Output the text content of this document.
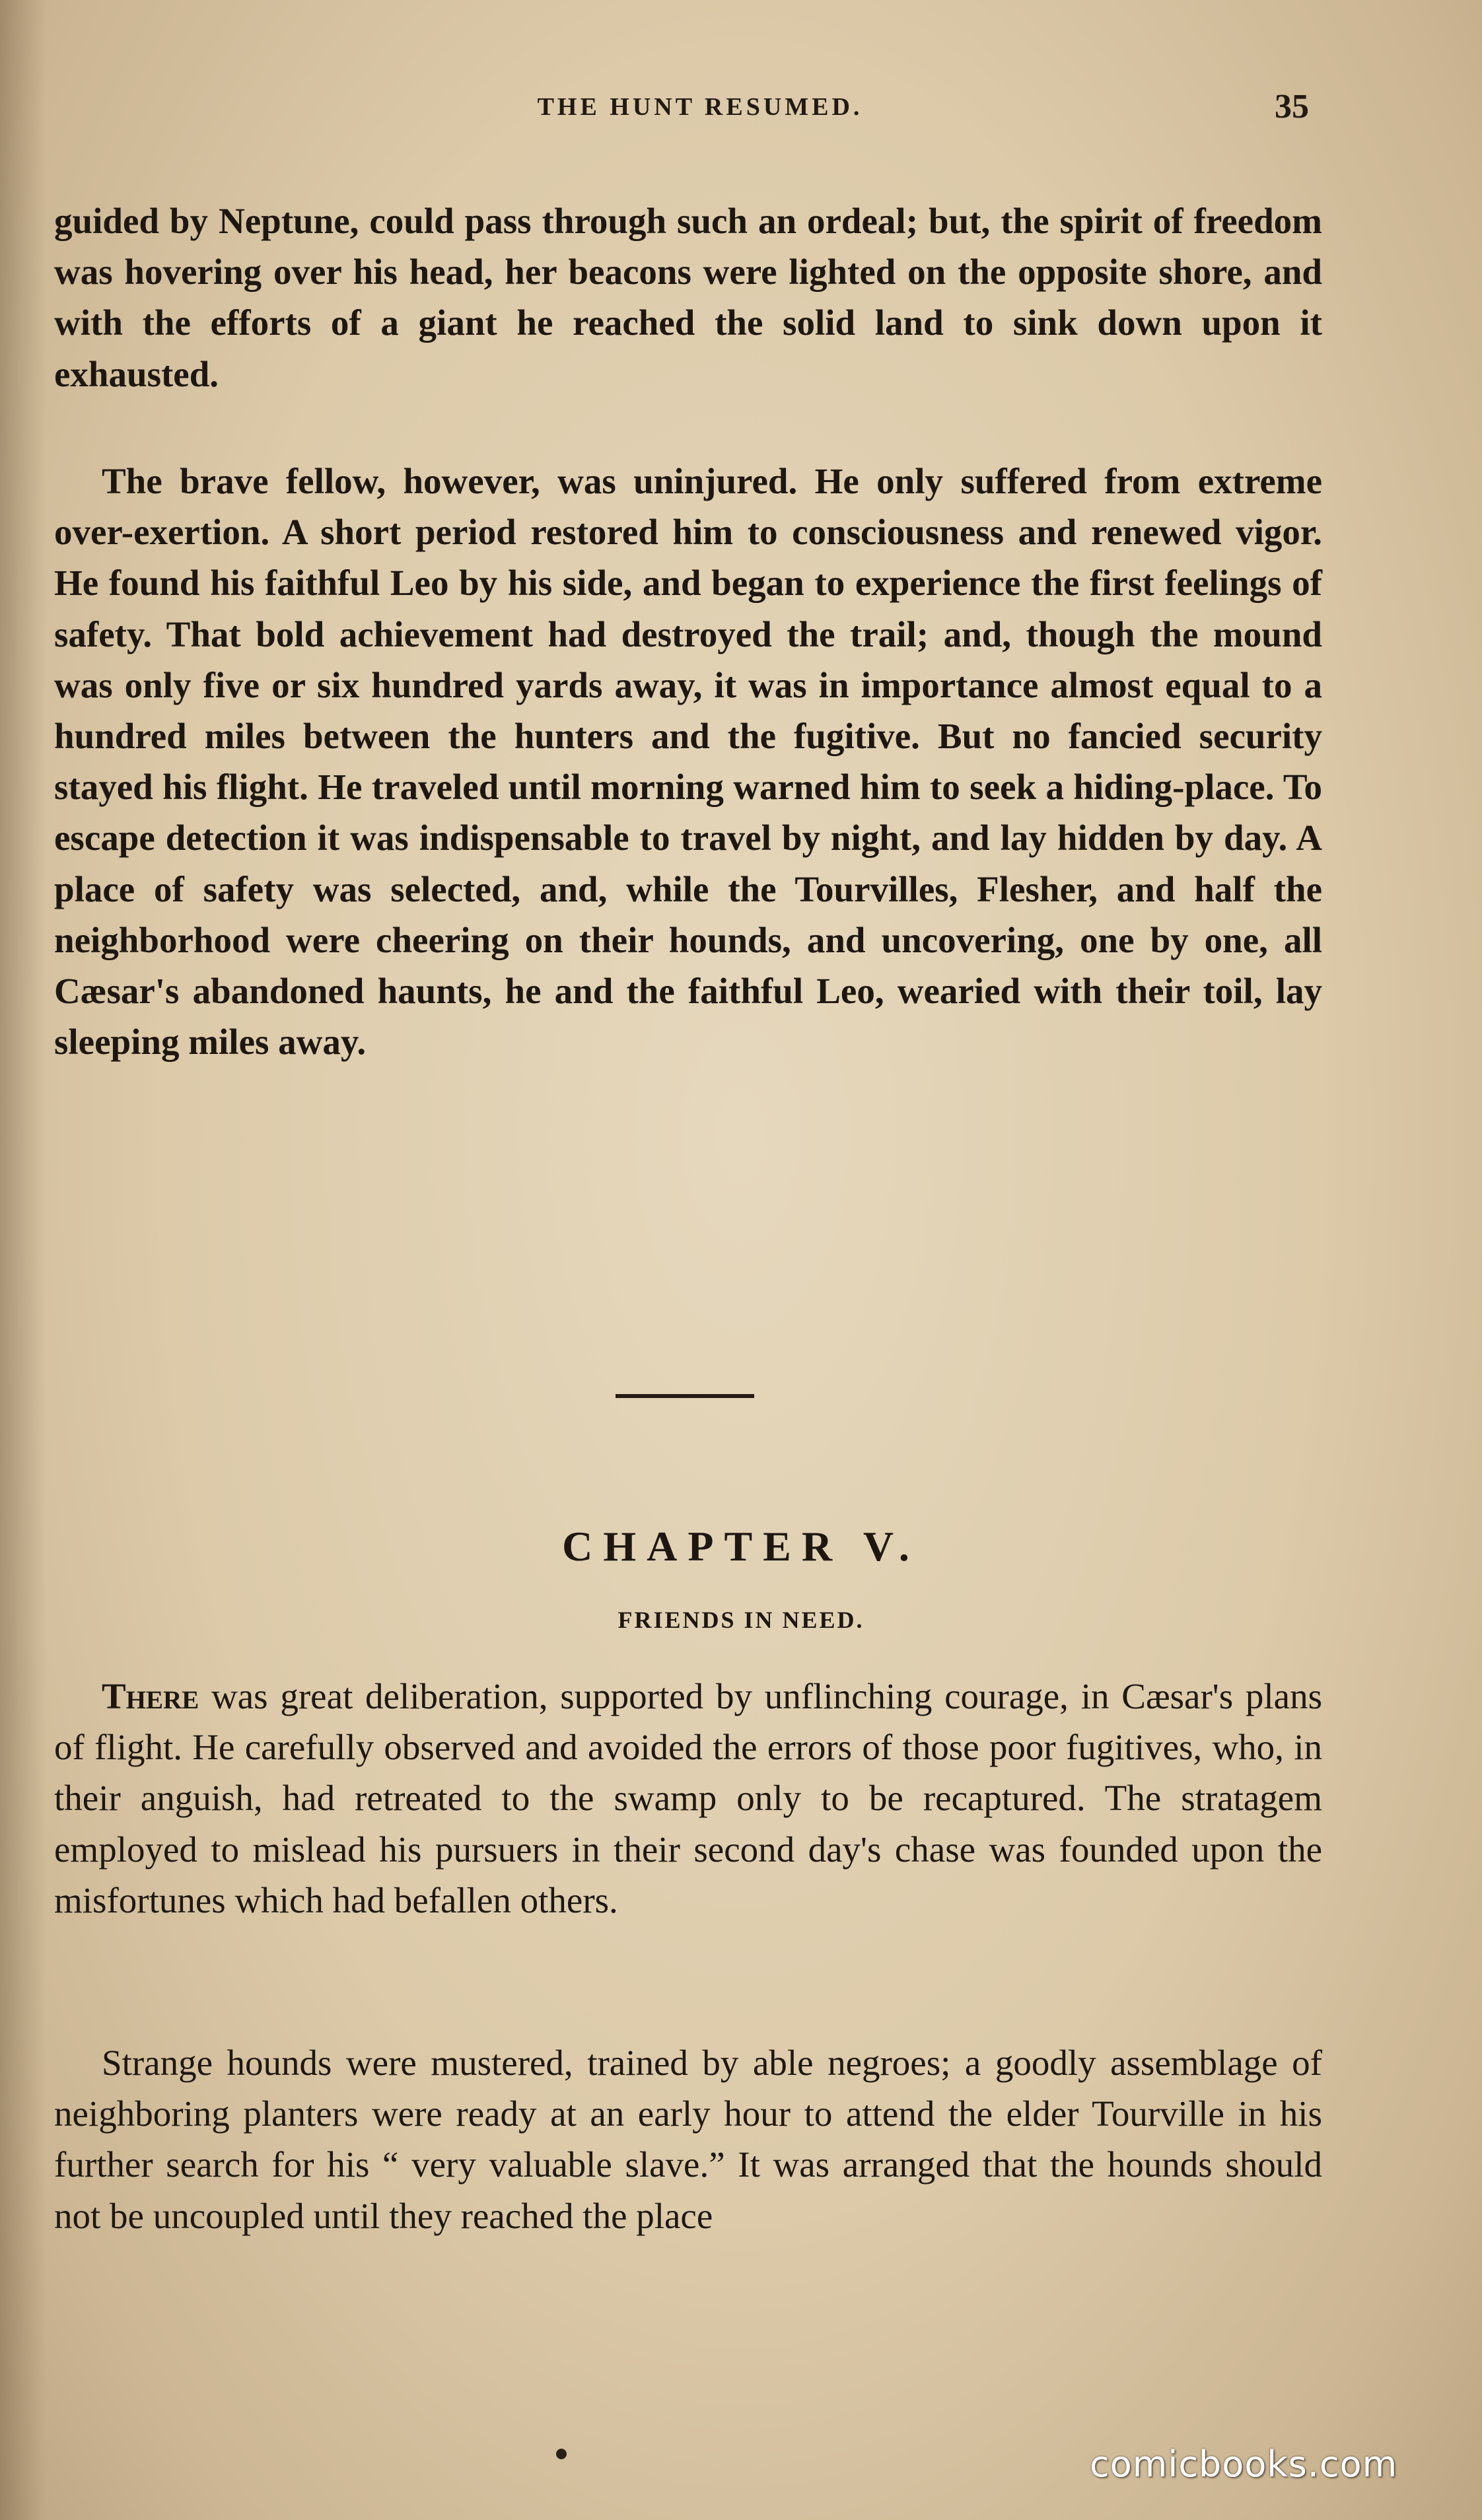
THE HUNT RESUMED.	35

guided by Neptune, could pass through such an ordeal; but, the spirit of freedom was hovering over his head, her beacons were lighted on the opposite shore, and with the efforts of a giant he reached the solid land to sink down upon it exhausted.

The brave fellow, however, was uninjured. He only suffered from extreme over-exertion. A short period restored him to consciousness and renewed vigor. He found his faithful Leo by his side, and began to experience the first feelings of safety. That bold achievement had destroyed the trail; and, though the mound was only five or six hundred yards away, it was in importance almost equal to a hundred miles between the hunters and the fugitive. But no fancied security stayed his flight. He traveled until morning warned him to seek a hiding-place. To escape detection it was indispensable to travel by night, and lay hidden by day. A place of safety was selected, and, while the Tourvilles, Flesher, and half the neighborhood were cheering on their hounds, and uncovering, one by one, all Cæsar's abandoned haunts, he and the faithful Leo, wearied with their toil, lay sleeping miles away.

CHAPTER V.
FRIENDS IN NEED.

There was great deliberation, supported by unflinching courage, in Cæsar's plans of flight. He carefully observed and avoided the errors of those poor fugitives, who, in their anguish, had retreated to the swamp only to be recaptured. The stratagem employed to mislead his pursuers in their second day's chase was founded upon the misfortunes which had befallen others.

Strange hounds were mustered, trained by able negroes; a goodly assemblage of neighboring planters were ready at an early hour to attend the elder Tourville in his further search for his “ very valuable slave.” It was arranged that the hounds should not be uncoupled until they reached the place

comicbooks.com
